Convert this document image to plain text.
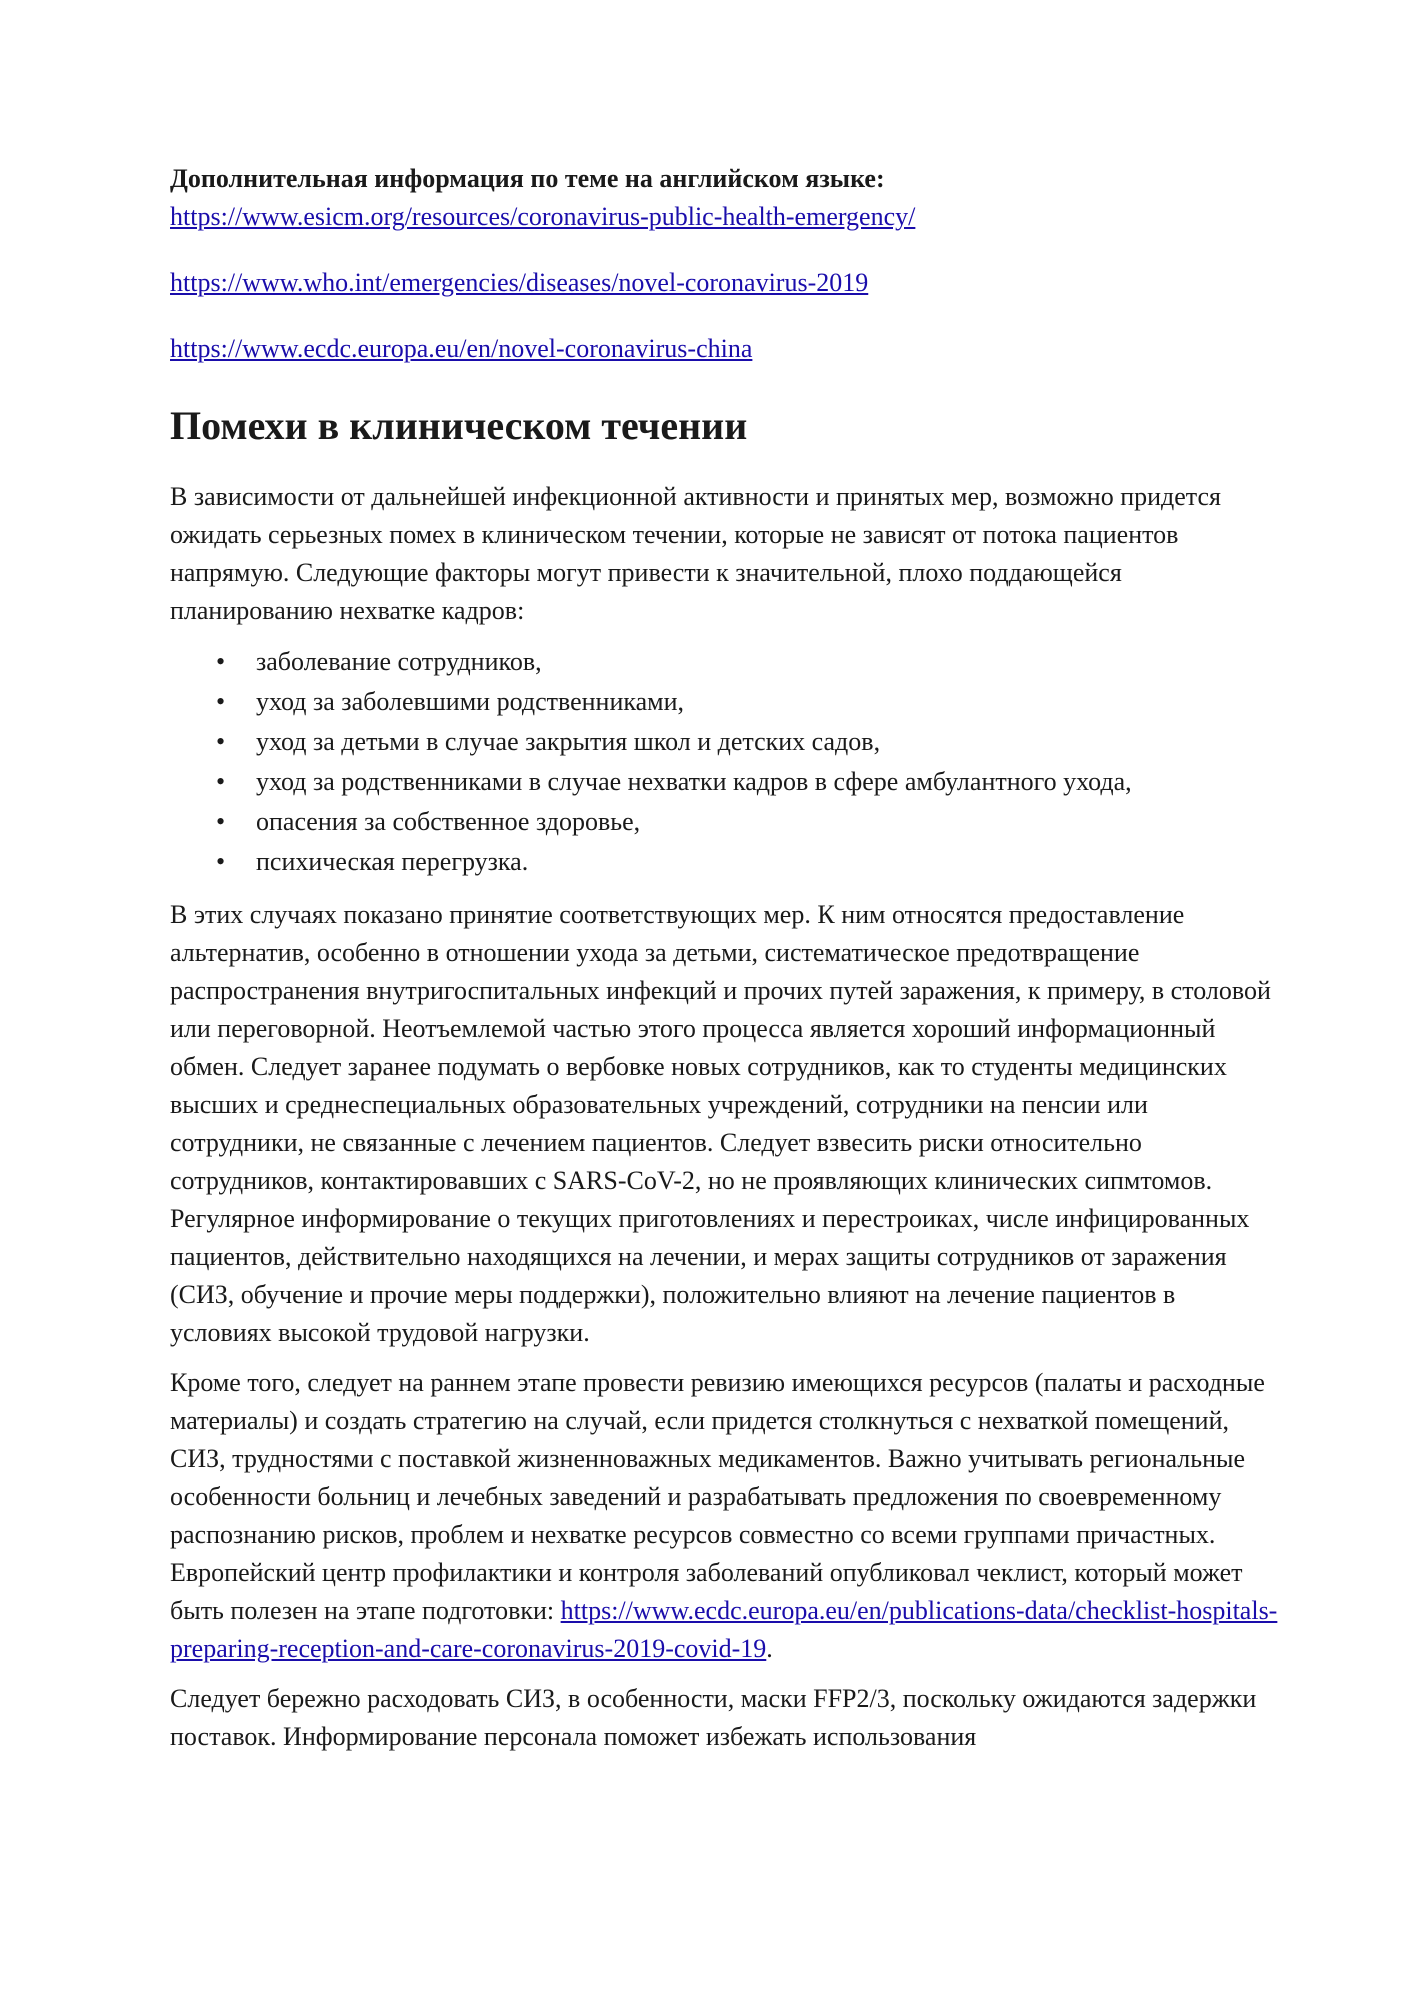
Дополнительная информация по теме на английском языке:

https://www.esicm.org/resources/coronavirus-public-health-emergency/

https://www.who.int/emergencies/diseases/novel-coronavirus-2019

https://www.ecdc.europa.eu/en/novel-coronavirus-china

Помехи в клиническом течении

В зависимости от дальнейшей инфекционной активности и принятых мер, возможно придется ожидать серьезных помех в клиническом течении, которые не зависят от потока пациентов напрямую. Следующие факторы могут привести к значительной, плохо поддающейся планированию нехватке кадров:

• заболевание сотрудников,
• уход за заболевшими родственниками,
• уход за детьми в случае закрытия школ и детских садов,
• уход за родственниками в случае нехватки кадров в сфере амбулантного ухода,
• опасения за собственное здоровье,
• психическая перегрузка.

В этих случаях показано принятие соответствующих мер. К ним относятся предоставление альтернатив, особенно в отношении ухода за детьми, систематическое предотвращение распространения внутригоспитальных инфекций и прочих путей заражения, к примеру, в столовой или переговорной. Неотъемлемой частью этого процесса является хороший информационный обмен. Следует заранее подумать о вербовке новых сотрудников, как то студенты медицинских высших и среднеспециальных образовательных учреждений, сотрудники на пенсии или сотрудники, не связанные с лечением пациентов. Следует взвесить риски относительно сотрудников, контактировавших с SARS-CoV-2, но не проявляющих клинических сипмтомов. Регулярное информирование о текущих приготовлениях и перестроиках, числе инфицированных пациентов, действительно находящихся на лечении, и мерах защиты сотрудников от заражения (СИЗ, обучение и прочие меры поддержки), положительно влияют на лечение пациентов в условиях высокой трудовой нагрузки.

Кроме того, следует на раннем этапе провести ревизию имеющихся ресурсов (палаты и расходные материалы) и создать стратегию на случай, если придется столкнуться с нехваткой помещений, СИЗ, трудностями с поставкой жизненноважных медикаментов. Важно учитывать региональные особенности больниц и лечебных заведений и разрабатывать предложения по своевременному распознанию рисков, проблем и нехватке ресурсов совместно со всеми группами причастных. Европейский центр профилактики и контроля заболеваний опубликовал чеклист, который может быть полезен на этапе подготовки: https://www.ecdc.europa.eu/en/publications-data/checklist-hospitals-preparing-reception-and-care-coronavirus-2019-covid-19.

Следует бережно расходовать СИЗ, в особенности, маски FFP2/3, поскольку ожидаются задержки поставок. Информирование персонала поможет избежать использования
